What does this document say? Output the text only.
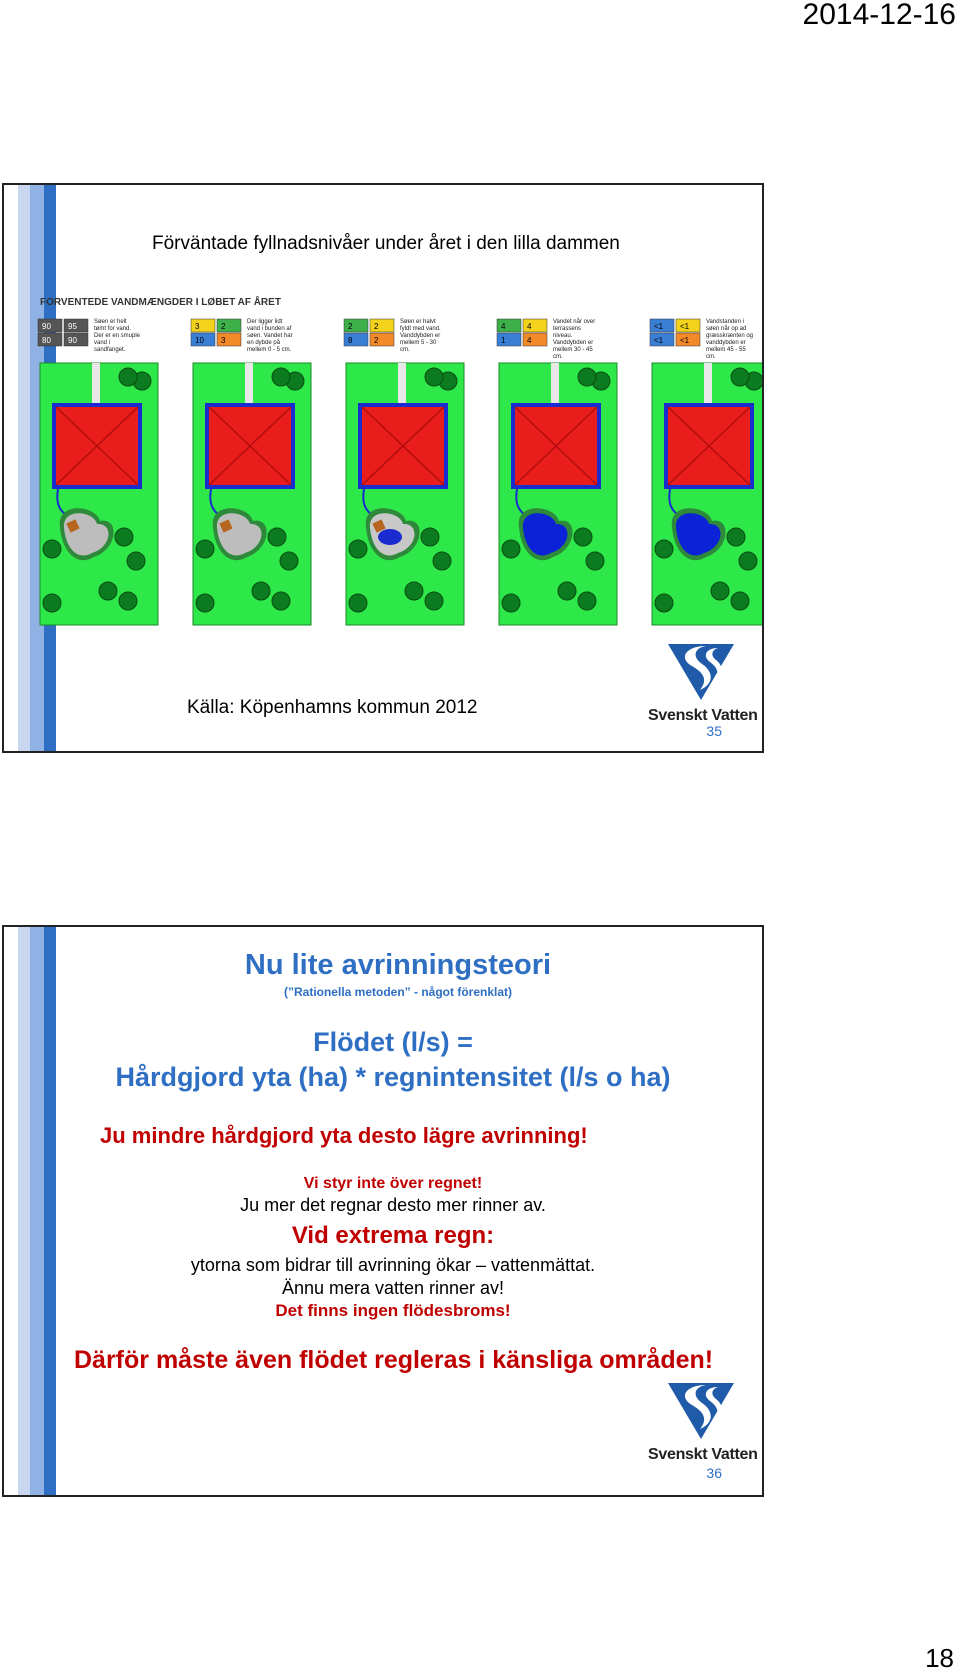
2014-12-16
Förväntade fyllnadsnivåer under året i den lilla dammen
FORVENTEDE VANDMÆNGDER I LØBET AF ÅRET
90 95
80 90
Søen er helt tømt for vand. Der er en smuple vand i sandfanget.
3	2
10 3
Der ligger lidt vand i bunden af søen. Vandet har en dybde på mellem 0 - 5 cm.
2	2
8	2
Søen er halvt fyldt med vand. Vanddybden er mellem 5 - 30 cm.
4	4
1	4
Vandet når over terrassens niveau. Vanddybden er mellem 30 - 45 cm.
<1 <1
<1 <1
Vandstanden i søen når op ad græsskrænten og vanddybden er mellem 45 - 55 cm.
Källa: Köpenhamns kommun 2012	Svenskt Vatten
35
Nu lite avrinningsteori
(”Rationella metoden” - något förenklat)
Flödet (l/s) =
Hårdgjord yta (ha) * regnintensitet (l/s o ha)
Ju mindre hårdgjord yta desto lägre avrinning!
Vi styr inte över regnet!
Ju mer det regnar desto mer rinner av.
Vid extrema regn:
ytorna som bidrar till avrinning ökar – vattenmättat.
Ännu mera vatten rinner av!
Det finns ingen flödesbroms!
Därför måste även flödet regleras i känsliga områden!
Svenskt Vatten
36
18
